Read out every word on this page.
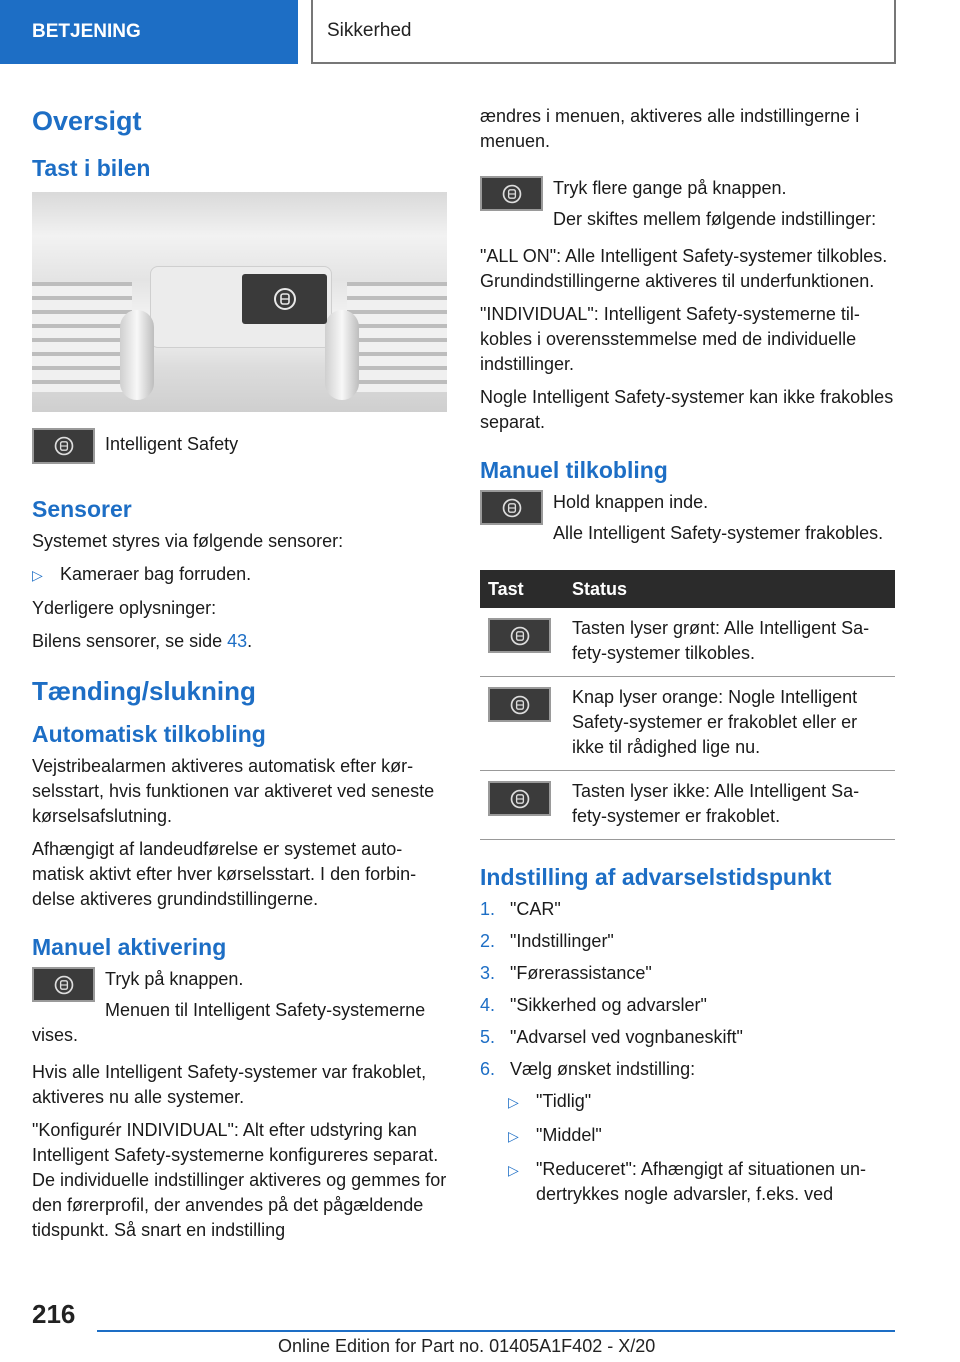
BETJENING	Sikkerhed
Oversigt
Tast i bilen

Intelligent Safety

Sensorer

Systemet styres via følgende sensorer:

▷ Kameraer bag forruden.

Yderligere oplysninger:

Bilens sensorer, se side 43.

Tænding/slukning
Automatisk tilkobling

Vejstribealarmen aktiveres automatisk efter kørselsstart, hvis funktionen var aktiveret ved seneste kørselsafslutning.

Afhængigt af landeudførelse er systemet automatisk aktivt efter hver kørselsstart. I den forbindelse aktiveres grundindstillingerne.

Manuel aktivering

Tryk på knappen.

Menuen til Intelligent Safety-systemerne vises.

Hvis alle Intelligent Safety-systemer var frakoblet, aktiveres nu alle systemer.

"Konfigurér INDIVIDUAL": Alt efter udstyring kan Intelligent Safety-systemerne konfigureres separat. De individuelle indstillinger aktiveres og gemmes for den førerprofil, der anvendes på det pågældende tidspunkt. Så snart en indstilling

ændres i menuen, aktiveres alle indstillingerne i menuen.

Tryk flere gange på knappen.

Der skiftes mellem følgende indstillinger:

"ALL ON": Alle Intelligent Safety-systemer tilkobles. Grundindstillingerne aktiveres til underfunktionen.

"INDIVIDUAL": Intelligent Safety-systemerne tilkobles i overensstemmelse med de individuelle indstillinger.

Nogle Intelligent Safety-systemer kan ikke frakobles separat.

Manuel tilkobling

Hold knappen inde.

Alle Intelligent Safety-systemer frakobles.

Tast	Status

	Tasten lyser grønt: Alle Intelligent Safety-systemer tilkobles.

	Knap lyser orange: Nogle Intelligent Safety-systemer er frakoblet eller er ikke til rådighed lige nu.

	Tasten lyser ikke: Alle Intelligent Safety-systemer er frakoblet.
Indstilling af advarselstidspunkt
1. "CAR"
2. "Indstillinger"
3. "Førerassistance"
4. "Sikkerhed og advarsler"
5. "Advarsel ved vognbaneskift"
6. Vælg ønsket indstilling:
▷ "Tidlig"
▷ "Middel"
▷ "Reduceret": Afhængigt af situationen undertrykkes nogle advarsler, f.eks. ved
216
Online Edition for Part no. 01405A1F402 - X/20
